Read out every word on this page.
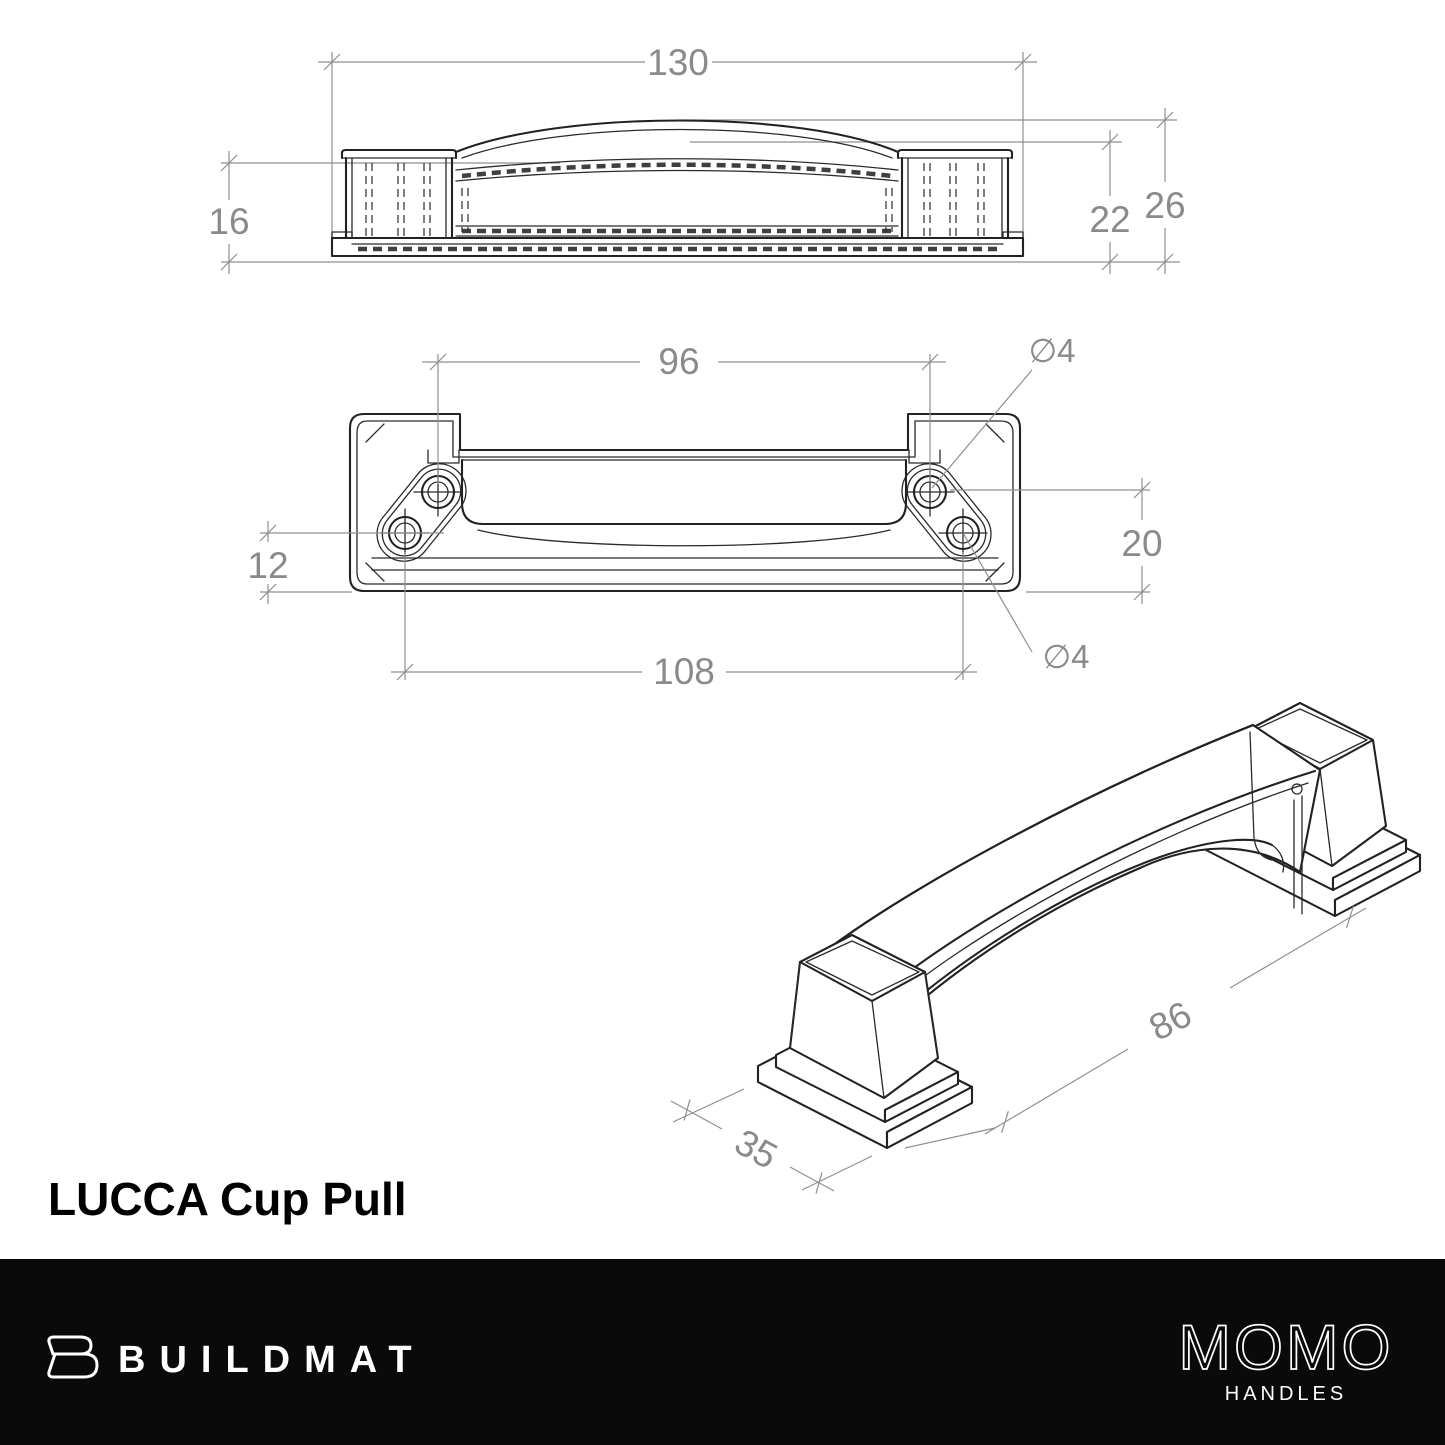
130
16	22 26
96	∅4
12
20
108	∅4
86
35
LUCCA Cup Pull
BUILDMAT	MOMO
HANDLES
